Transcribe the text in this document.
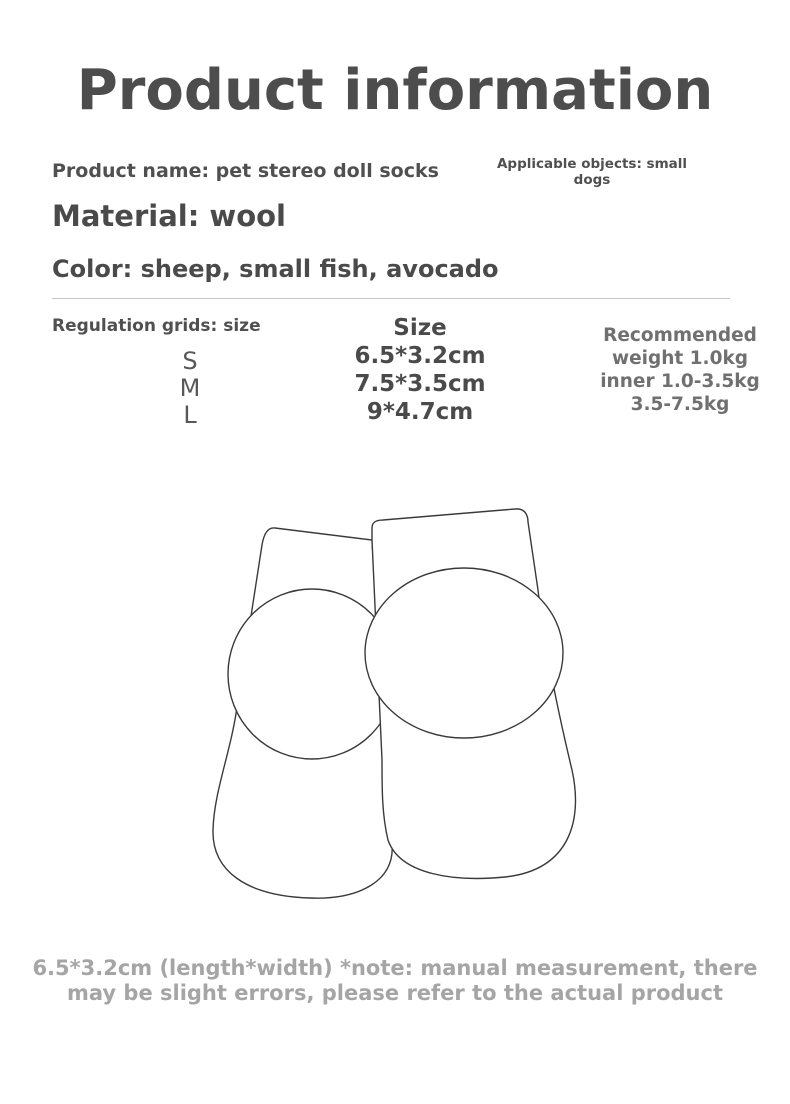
Product information
Product name: pet stereo doll socks	Applicable objects: small dogs
Material: wool
Color: sheep, small fish, avocado
Regulation grids: size
S
M
L
Size
6.5*3.2cm
7.5*3.5cm
9*4.7cm
Recommended
weight 1.0kg
inner 1.0-3.5kg
3.5-7.5kg
6.5*3.2cm (length*width) *note: manual measurement, there may be slight errors, please refer to the actual product
